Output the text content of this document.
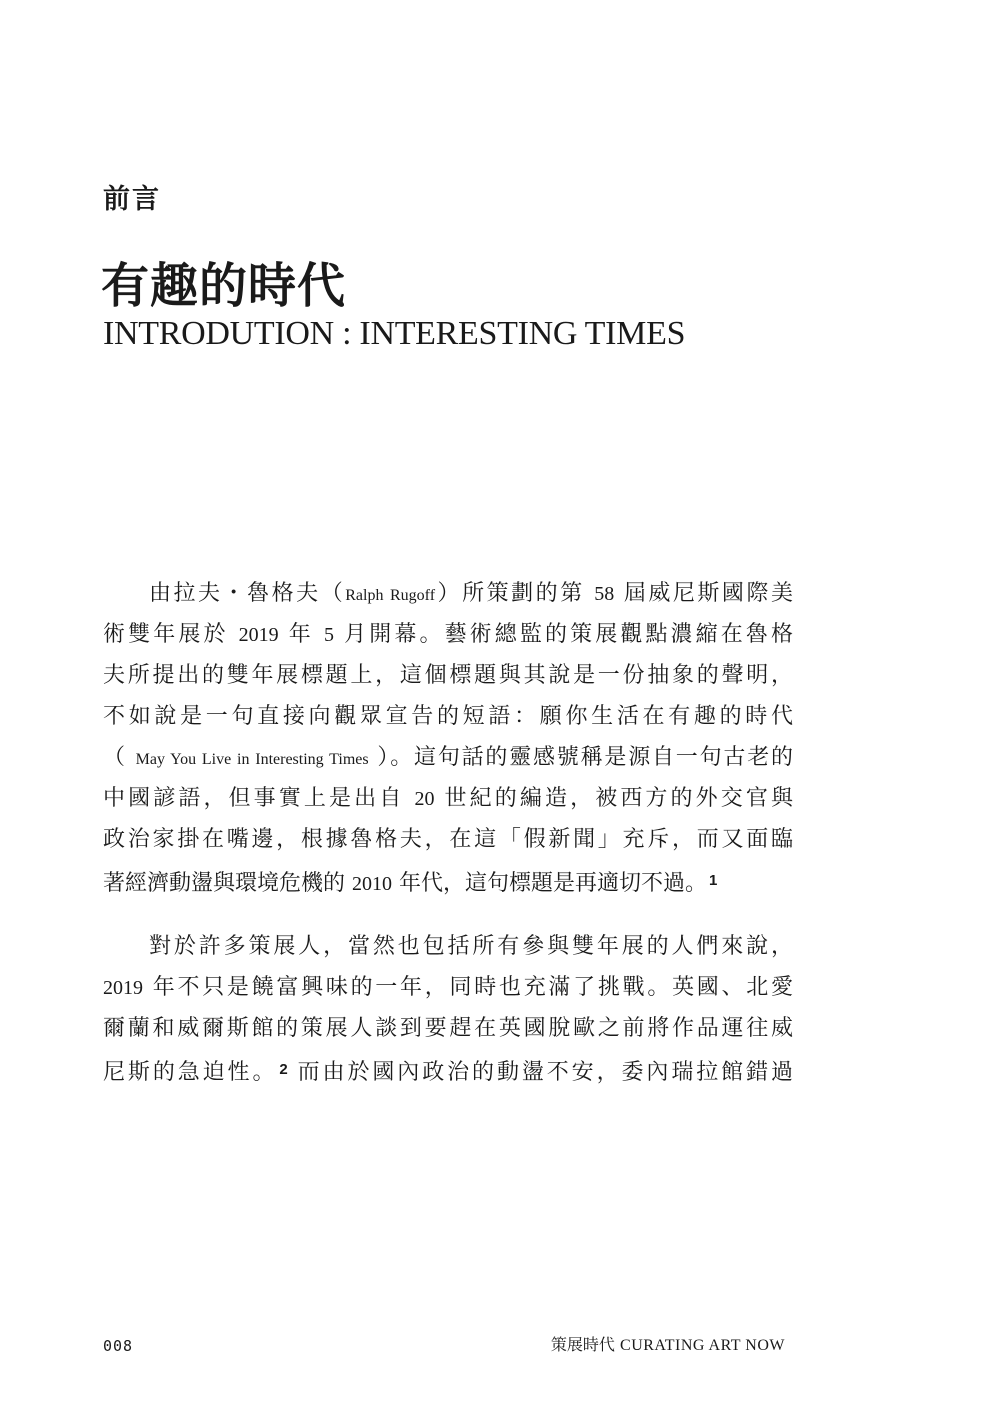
前言
有趣的時代
INTRODUTION : INTERESTING TIMES
由拉夫・魯格夫（Ralph Rugoff）所策劃的第 58 屆威尼斯國際美
術雙年展於 2019 年 5 月開幕。藝術總監的策展觀點濃縮在魯格
夫所提出的雙年展標題上，這個標題與其說是一份抽象的聲明，
不如說是一句直接向觀眾宣告的短語：願你生活在有趣的時代
（ May You Live in Interesting Times ）。這句話的靈感號稱是源自一句古老的
中國諺語，但事實上是出自 20 世紀的編造，被西方的外交官與
政治家掛在嘴邊，根據魯格夫，在這「假新聞」充斥，而又面臨
著經濟動盪與環境危機的 2010 年代，這句標題是再適切不過。 $^1$
對於許多策展人，當然也包括所有參與雙年展的人們來說，
2019 年不只是饒富興味的一年，同時也充滿了挑戰。英國、北愛
爾蘭和威爾斯館的策展人談到要趕在英國脫歐之前將作品運往威
尼斯的急迫性。 $^2$ 而由於國內政治的動盪不安，委內瑞拉館錯過
008	策展時代 CURATING ART NOW
